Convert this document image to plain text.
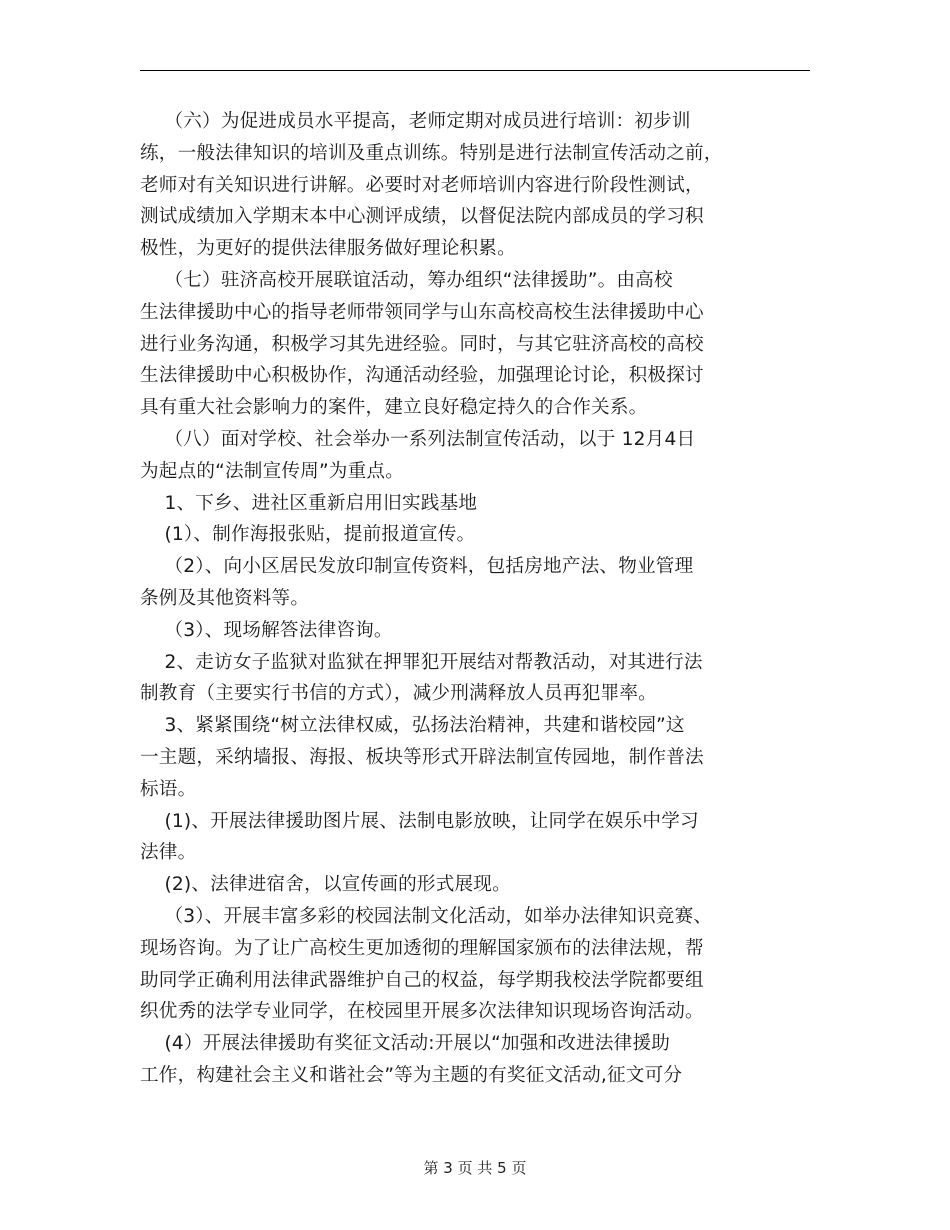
（六）为促进成员水平提高，老师定期对成员进行培训：初步训
练，一般法律知识的培训及重点训练。特别是进行法制宣传活动之前，
老师对有关知识进行讲解。必要时对老师培训内容进行阶段性测试，
测试成绩加入学期末本中心测评成绩，以督促法院内部成员的学习积
极性，为更好的提供法律服务做好理论积累。
（七）驻济高校开展联谊活动，筹办组织“法律援助”。由高校
生法律援助中心的指导老师带领同学与山东高校高校生法律援助中心
进行业务沟通，积极学习其先进经验。同时，与其它驻济高校的高校
生法律援助中心积极协作，沟通活动经验，加强理论讨论，积极探讨
具有重大社会影响力的案件，建立良好稳定持久的合作关系。
（八）面对学校、社会举办一系列法制宣传活动，以于 12月4日
为起点的“法制宣传周”为重点。
1、下乡、进社区重新启用旧实践基地
(1）、制作海报张贴，提前报道宣传。
（2）、向小区居民发放印制宣传资料，包括房地产法、物业管理
条例及其他资料等。
（3）、现场解答法律咨询。
2、走访女子监狱对监狱在押罪犯开展结对帮教活动，对其进行法
制教育（主要实行书信的方式），减少刑满释放人员再犯罪率。
3、紧紧围绕“树立法律权威，弘扬法治精神，共建和谐校园”这
一主题，采纳墙报、海报、板块等形式开辟法制宣传园地，制作普法
标语。
(1)、开展法律援助图片展、法制电影放映，让同学在娱乐中学习
法律。
(2)、法律进宿舍，以宣传画的形式展现。
（3）、开展丰富多彩的校园法制文化活动，如举办法律知识竞赛、
现场咨询。为了让广高校生更加透彻的理解国家颁布的法律法规，帮
助同学正确利用法律武器维护自己的权益，每学期我校法学院都要组
织优秀的法学专业同学，在校园里开展多次法律知识现场咨询活动。
(4）开展法律援助有奖征文活动:开展以“加强和改进法律援助
工作，构建社会主义和谐社会”等为主题的有奖征文活动,征文可分
第 3 页 共 5 页
